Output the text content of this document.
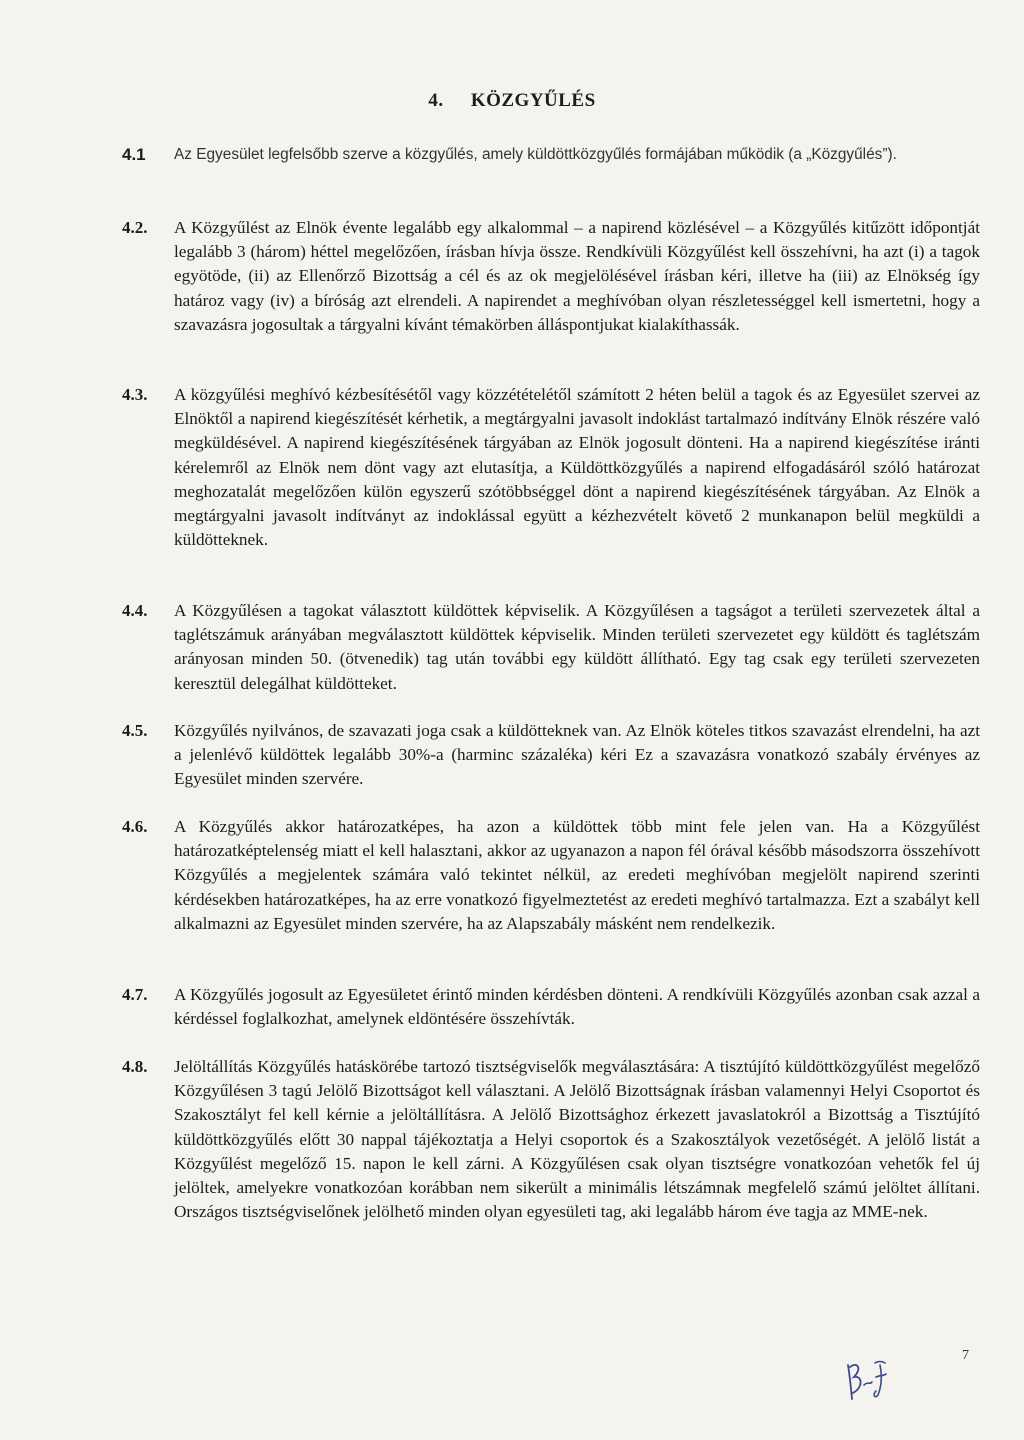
4. KÖZGYŰLÉS
4.1	Az Egyesület legfelsőbb szerve a közgyűlés, amely küldöttközgyűlés formájában működik (a „Közgyűlés”).
4.2.	A Közgyűlést az Elnök évente legalább egy alkalommal – a napirend közlésével – a Közgyűlés kitűzött időpontját legalább 3 (három) héttel megelőzően, írásban hívja össze. Rendkívüli Közgyűlést kell összehívni, ha azt (i) a tagok egyötöde, (ii) az Ellenőrző Bizottság a cél és az ok megjelölésével írásban kéri, illetve ha (iii) az Elnökség így határoz vagy (iv) a bíróság azt elrendeli. A napirendet a meghívóban olyan részletességgel kell ismertetni, hogy a szavazásra jogosultak a tárgyalni kívánt témakörben álláspontjukat kialakíthassák.
4.3.	A közgyűlési meghívó kézbesítésétől vagy közzétételétől számított 2 héten belül a tagok és az Egyesület szervei az Elnöktől a napirend kiegészítését kérhetik, a megtárgyalni javasolt indoklást tartalmazó indítvány Elnök részére való megküldésével. A napirend kiegészítésének tárgyában az Elnök jogosult dönteni. Ha a napirend kiegészítése iránti kérelemről az Elnök nem dönt vagy azt elutasítja, a Küldöttközgyűlés a napirend elfogadásáról szóló határozat meghozatalát megelőzően külön egyszerű szótöbbséggel dönt a napirend kiegészítésének tárgyában. Az Elnök a megtárgyalni javasolt indítványt az indoklással együtt a kézhezvételt követő 2 munkanapon belül megküldi a küldötteknek.
4.4.	A Közgyűlésen a tagokat választott küldöttek képviselik. A Közgyűlésen a tagságot a területi szervezetek által a taglétszámuk arányában megválasztott küldöttek képviselik. Minden területi szervezetet egy küldött és taglétszám arányosan minden 50. (ötvenedik) tag után további egy küldött állítható. Egy tag csak egy területi szervezeten keresztül delegálhat küldötteket.
4.5.	Közgyűlés nyilvános, de szavazati joga csak a küldötteknek van. Az Elnök köteles titkos szavazást elrendelni, ha azt a jelenlévő küldöttek legalább 30%-a (harminc százaléka) kéri Ez a szavazásra vonatkozó szabály érvényes az Egyesület minden szervére.
4.6.	A Közgyűlés akkor határozatképes, ha azon a küldöttek több mint fele jelen van. Ha a Közgyűlést határozatképtelenség miatt el kell halasztani, akkor az ugyanazon a napon fél órával később másodszorra összehívott Közgyűlés a megjelentek számára való tekintet nélkül, az eredeti meghívóban megjelölt napirend szerinti kérdésekben határozatképes, ha az erre vonatkozó figyelmeztetést az eredeti meghívó tartalmazza. Ezt a szabályt kell alkalmazni az Egyesület minden szervére, ha az Alapszabály másként nem rendelkezik.
4.7.	A Közgyűlés jogosult az Egyesületet érintő minden kérdésben dönteni. A rendkívüli Közgyűlés azonban csak azzal a kérdéssel foglalkozhat, amelynek eldöntésére összehívták.
4.8.	Jelöltállítás Közgyűlés hatáskörébe tartozó tisztségviselők megválasztására: A tisztújító küldöttközgyűlést megelőző Közgyűlésen 3 tagú Jelölő Bizottságot kell választani. A Jelölő Bizottságnak írásban valamennyi Helyi Csoportot és Szakosztályt fel kell kérnie a jelöltállításra. A Jelölő Bizottsághoz érkezett javaslatokról a Bizottság a Tisztújító küldöttközgyűlés előtt 30 nappal tájékoztatja a Helyi csoportok és a Szakosztályok vezetőségét. A jelölő listát a Közgyűlést megelőző 15. napon le kell zárni. A Közgyűlésen csak olyan tisztségre vonatkozóan vehetők fel új jelöltek, amelyekre vonatkozóan korábban nem sikerült a minimális létszámnak megfelelő számú jelöltet állítani. Országos tisztségviselőnek jelölhető minden olyan egyesületi tag, aki legalább három éve tagja az MME-nek.
7
